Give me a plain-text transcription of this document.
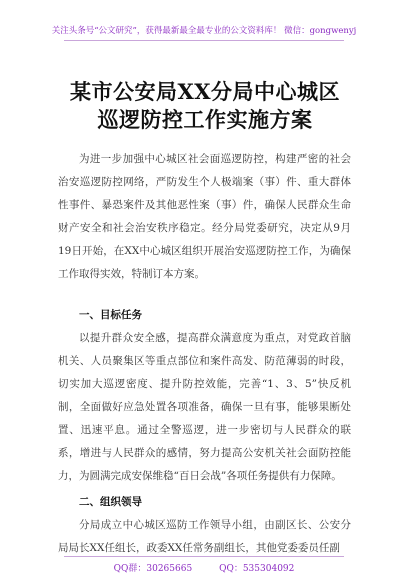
关注头条号“公文研究”，获得最新最全最专业的公文资料库！ 微信：gongwenyj
某市公安局XX分局中心城区巡逻防控工作实施方案
为进一步加强中心城区社会面巡逻防控，构建严密的社会治安巡逻防控网络，严防发生个人极端案（事）件、重大群体性事件、暴恐案件及其他恶性案（事）件，确保人民群众生命财产安全和社会治安秩序稳定。经分局党委研究，决定从9月19日开始，在XX中心城区组织开展治安巡逻防控工作，为确保工作取得实效，特制订本方案。
一、目标任务
以提升群众安全感，提高群众满意度为重点，对党政首脑机关、人员聚集区等重点部位和案件高发、防范薄弱的时段，切实加大巡逻密度、提升防控效能，完善“1、3、5”快反机制，全面做好应急处置各项准备，确保一旦有事，能够果断处置、迅速平息。通过全警巡逻，进一步密切与人民群众的联系，增进与人民群众的感情，努力提高公安机关社会面防控能力，为圆满完成安保维稳“百日会战”各项任务提供有力保障。
二、组织领导
分局成立中心城区巡防工作领导小组，由副区长、公安分局局长XX任组长，政委XX任常务副组长，其他党委委员任副
QQ群：30265665	QQ：535304092
